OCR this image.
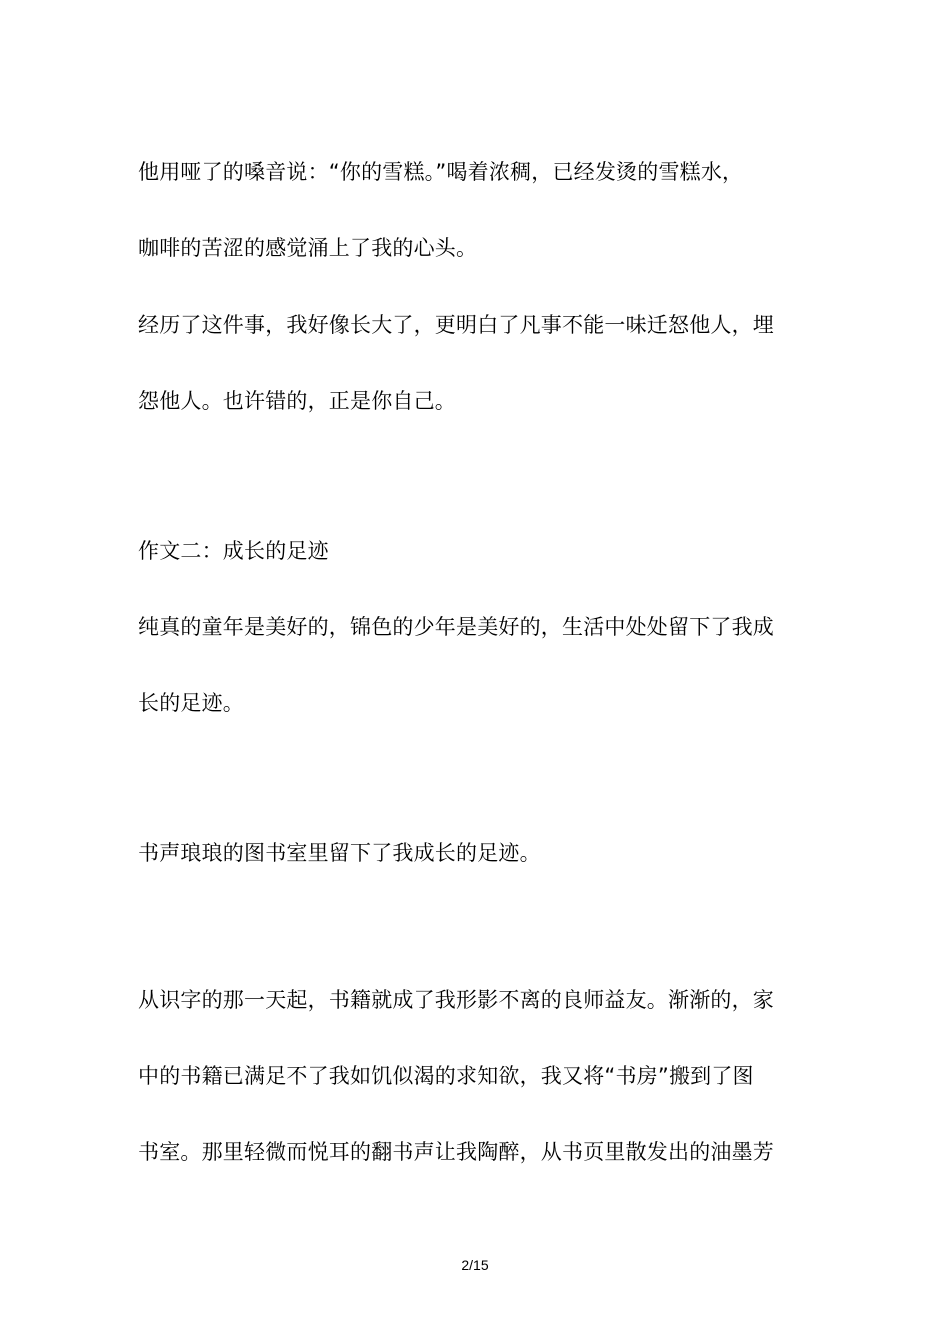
他用哑了的嗓音说：“你的雪糕。”喝着浓稠，已经发烫的雪糕水，
咖啡的苦涩的感觉涌上了我的心头。
经历了这件事，我好像长大了，更明白了凡事不能一味迁怒他人，埋
怨他人。也许错的，正是你自己。
作文二：成长的足迹
纯真的童年是美好的，锦色的少年是美好的，生活中处处留下了我成
长的足迹。
书声琅琅的图书室里留下了我成长的足迹。
从识字的那一天起，书籍就成了我形影不离的良师益友。渐渐的，家
中的书籍已满足不了我如饥似渴的求知欲，我又将“书房”搬到了图
书室。那里轻微而悦耳的翻书声让我陶醉，从书页里散发出的油墨芳
2/15
